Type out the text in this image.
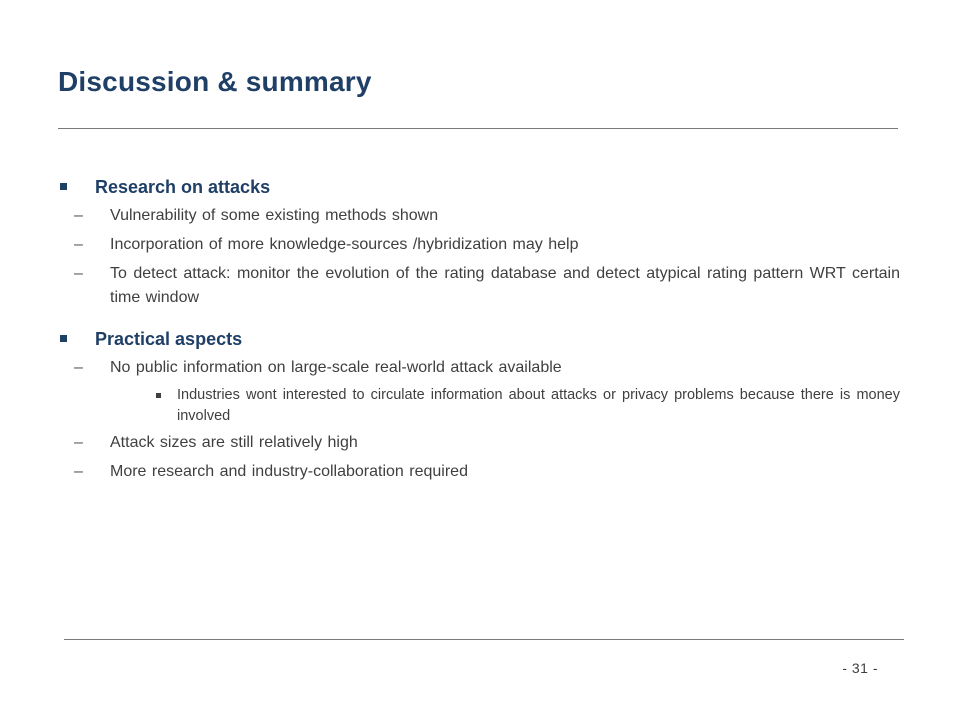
Discussion & summary
Research on attacks
–	Vulnerability of some existing methods shown
–	Incorporation of more knowledge-sources /hybridization may help
–	To detect attack: monitor the evolution of the rating database and detect atypical rating pattern WRT certain time window
Practical aspects
–	No public information on large-scale real-world attack available
Industries wont interested to circulate information about attacks or privacy problems because there is money involved
–	Attack sizes are still relatively high
–	More research and industry-collaboration required
- 31 -
